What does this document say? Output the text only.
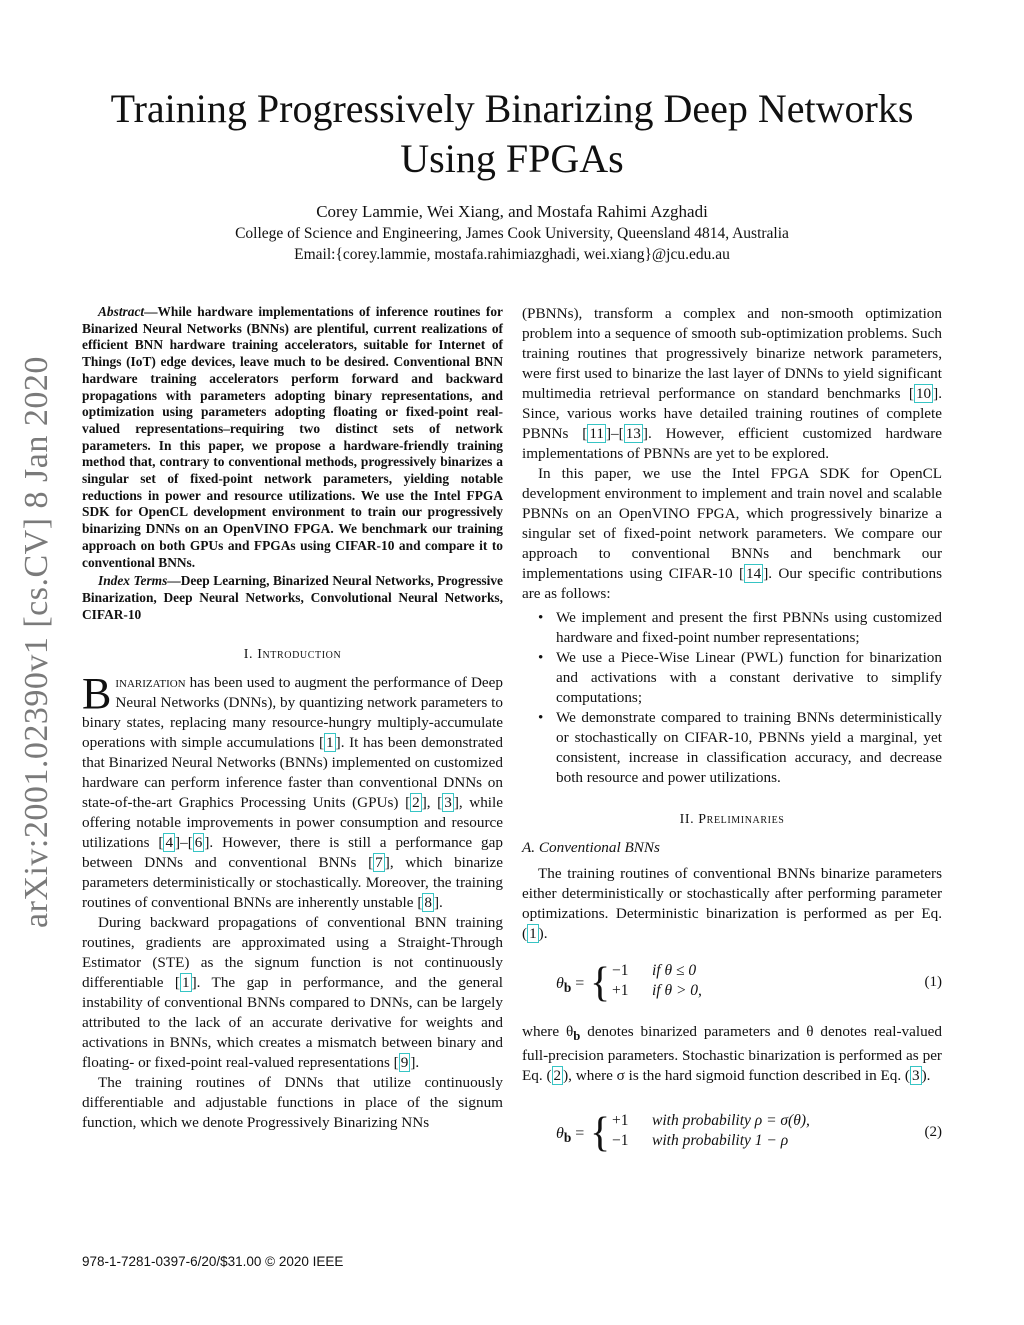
arXiv:2001.02390v1 [cs.CV] 8 Jan 2020
Training Progressively Binarizing Deep Networks
Using FPGAs
Corey Lammie, Wei Xiang, and Mostafa Rahimi Azghadi
College of Science and Engineering, James Cook University, Queensland 4814, Australia
Email:{corey.lammie, mostafa.rahimiazghadi, wei.xiang}@jcu.edu.au

Abstract—While hardware implementations of inference routines for Binarized Neural Networks (BNNs) are plentiful, current realizations of efficient BNN hardware training accelerators, suitable for Internet of Things (IoT) edge devices, leave much to be desired. Conventional BNN hardware training accelerators perform forward and backward propagations with parameters adopting binary representations, and optimization using parameters adopting floating or fixed-point real-valued representations–requiring two distinct sets of network parameters. In this paper, we propose a hardware-friendly training method that, contrary to conventional methods, progressively binarizes a singular set of fixed-point network parameters, yielding notable reductions in power and resource utilizations. We use the Intel FPGA SDK for OpenCL development environment to train our progressively binarizing DNNs on an OpenVINO FPGA. We benchmark our training approach on both GPUs and FPGAs using CIFAR-10 and compare it to conventional BNNs.

Index Terms—Deep Learning, Binarized Neural Networks, Progressive Binarization, Deep Neural Networks, Convolutional Neural Networks, CIFAR-10

I. Introduction

Binarization has been used to augment the performance of Deep Neural Networks (DNNs), by quantizing network parameters to binary states, replacing many resource-hungry multiply-accumulate operations with simple accumulations [ 1 ]. It has been demonstrated that Binarized Neural Networks (BNNs) implemented on customized hardware can perform inference faster than conventional DNNs on state-of-the-art Graphics Processing Units (GPUs) [ 2 ], [ 3 ], while offering notable improvements in power consumption and resource utilizations [ 4 ]–[ 6 ]. However, there is still a performance gap between DNNs and conventional BNNs [ 7 ], which binarize parameters deterministically or stochastically. Moreover, the training routines of conventional BNNs are inherently unstable [ 8 ].

During backward propagations of conventional BNN training routines, gradients are approximated using a Straight-Through Estimator (STE) as the signum function is not continuously differentiable [ 1 ]. The gap in performance, and the general instability of conventional BNNs compared to DNNs, can be largely attributed to the lack of an accurate derivative for weights and activations in BNNs, which creates a mismatch between binary and floating- or fixed-point real-valued representations [ 9 ].

The training routines of DNNs that utilize continuously differentiable and adjustable functions in place of the signum function, which we denote Progressively Binarizing NNs

(PBNNs), transform a complex and non-smooth optimization problem into a sequence of smooth sub-optimization problems. Such training routines that progressively binarize network parameters, were first used to binarize the last layer of DNNs to yield significant multimedia retrieval performance on standard benchmarks [ 10 ]. Since, various works have detailed training routines of complete PBNNs [ 11 ]–[ 13 ]. However, efficient customized hardware implementations of PBNNs are yet to be explored.

In this paper, we use the Intel FPGA SDK for OpenCL development environment to implement and train novel and scalable PBNNs on an OpenVINO FPGA, which progressively binarize a singular set of fixed-point network parameters. We compare our approach to conventional BNNs and benchmark our implementations using CIFAR-10 [ 14 ]. Our specific contributions are as follows:

• We implement and present the first PBNNs using customized hardware and fixed-point number representations;
• We use a Piece-Wise Linear (PWL) function for binarization and activations with a constant derivative to simplify computations;
• We demonstrate compared to training BNNs deterministically or stochastically on CIFAR-10, PBNNs yield a marginal, yet consistent, increase in classification accuracy, and decrease both resource and power utilizations.
II. Preliminaries
A. Conventional BNNs

The training routines of conventional BNNs binarize parameters either deterministically or stochastically after performing parameter optimizations. Deterministic binarization is performed as per Eq. ( 1 ).

$\theta_b$ = { −1 if θ ≤ 0
+1 if θ > 0,	(1)

where $\theta_b$ denotes binarized parameters and θ denotes real-valued full-precision parameters. Stochastic binarization is performed as per Eq. ( 2 ), where σ is the hard sigmoid function described in Eq. ( 3 ).

$\theta_b$ = { +1 with probability ρ = σ(θ),
−1 with probability 1 − ρ	(2)
978-1-7281-0397-6/20/$31.00 © 2020 IEEE
